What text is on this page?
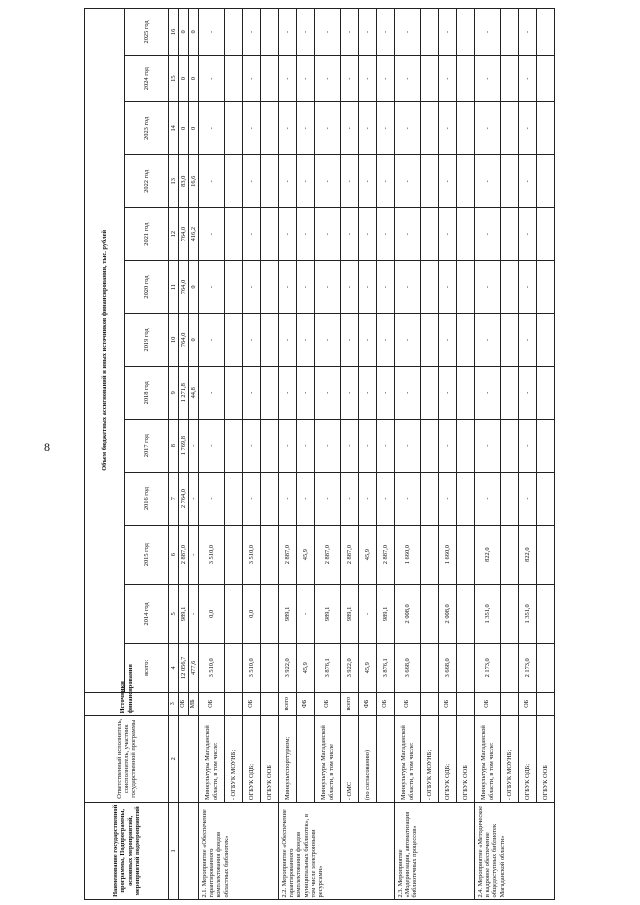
8
Наименование государственной программы, Подпрограммы, основных мероприятий, мероприятий подмероприятий	Ответственный исполнитель, соисполнитель, участник государственной программы	Источники финансирования	Объем бюджетных ассигнований и иных источников финансирования, тыс. рублей												
			всего:	2014 год	2015 год	2016 год	2017 год	2018 год	2019 год	2020 год	2021 год	2022 год	2023 год	2024 год	2025 год
1	2	3	4	5	6	7	8	9	10	11	12	13	14	15	16
		ОБ	12 056,7	989,1	2 887,0	2 764,0	1 769,8	1 271,8	764,0	764,0	764,0	83,0	0	0	0
		МБ	477,6	-	-	-	-	44,8	0	0	416,2	16,6	0	0	0
2.1. Мероприятие «Обеспечение гарантированного комплектования фондов областных библиотек»	Минкультуры Магаданской области, в том числе:	ОБ	3 510,0	0,0	3 510,0	-	-	-	-	-	-	-	-	-	-
	- ОГБУК МОУНБ;														
	ОГБУК ОДБ;	ОБ	3 510,0	0,0	3 510,0	-	-	-	-	-	-	-	-	-	-
	ОГБУК ООБ														
2.2. Мероприятие «Обеспечение гарантированного комплектования фондов муниципальных библиотек», в том числе электронными ресурсами»	Минкультспорттуризм;	всего	3 922,0	989,1	2 887,0	-	-	-	-	-	-	-	-	-	-
		ФБ	45,9	-	45,9	-	-	-	-	-	-	-	-	-	-
	Минкультуры Магаданской области, в том числе	ОБ	3 876,1	989,1	2 887,0	-	-	-	-	-	-	-	-	-	-
	- ОМС	всего	3 922,0	989,1	2 887,0	-	-	-	-	-	-	-	-	-	-
	(по согласованию)	ФБ	45,9	-	45,9	-	-	-	-	-	-	-	-	-	-
		ОБ	3 876,1	989,1	2 887,0	-	-	-	-	-	-	-	-	-	-
2.3. Мероприятие «Модернизация, автоматизация библиотечных процессов»	Минкультуры Магаданской области, в том числе:	ОБ	3 668,0	2 008,0	1 660,0	-	-	-	-	-	-	-	-	-	-
	- ОГБУК МОУНБ;														
	ОГБУК ОДБ;	ОБ	3 668,0	2 008,0	1 660,0	-	-	-	-	-	-	-	-	-	-
	ОГБУК ООБ														
2.4. Мероприятие «Методическое и кадровое обеспечение общедоступных библиотек Магаданской области»	Минкультуры Магаданской области, в том числе:	ОБ	2 173,0	1 351,0	822,0	-	-	-	-	-	-	-	-	-	-
	- ОГБУК МОУНБ;														
	ОГБУК ОДБ;	ОБ	2 173,0	1 351,0	822,0	-	-	-	-	-	-	-	-	-	-
	ОГБУК ООБ														
